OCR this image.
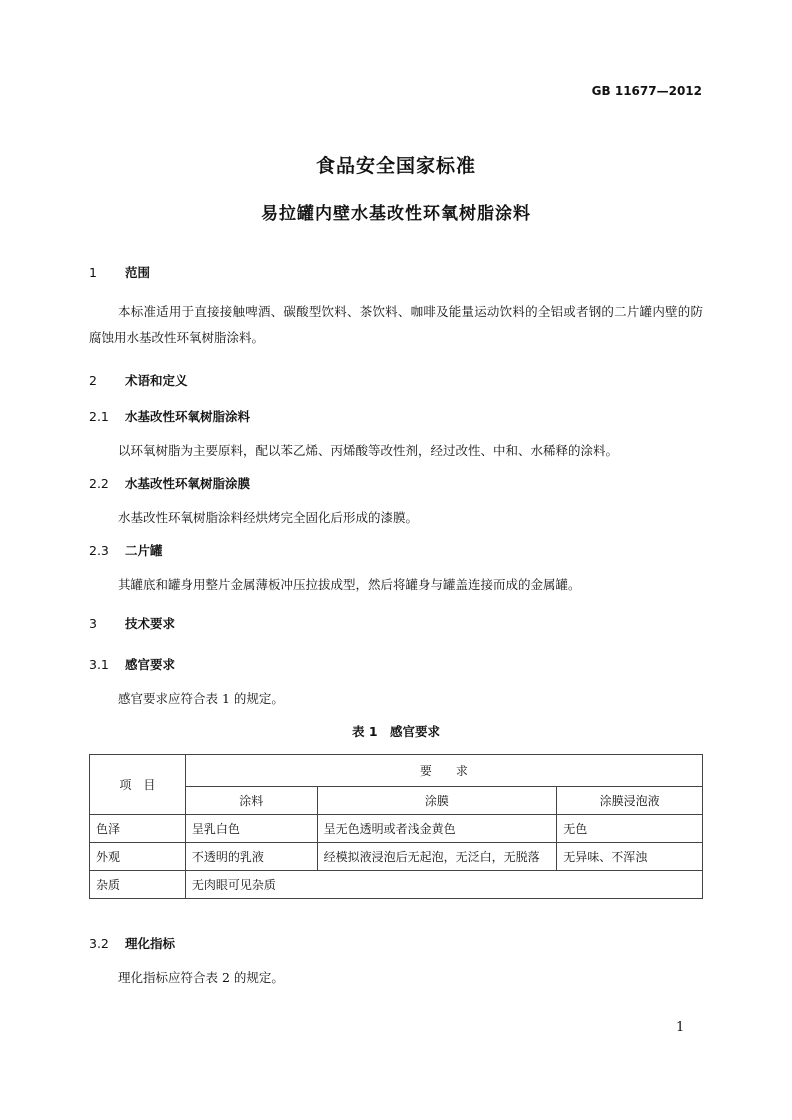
GB 11677—2012
食品安全国家标准
易拉罐内壁水基改性环氧树脂涂料
1 范围
本标准适用于直接接触啤酒、碳酸型饮料、茶饮料、咖啡及能量运动饮料的全铝或者钢的二片罐内壁的防腐蚀用水基改性环氧树脂涂料。
2 术语和定义
2.1 水基改性环氧树脂涂料
以环氧树脂为主要原料，配以苯乙烯、丙烯酸等改性剂，经过改性、中和、水稀释的涂料。
2.2 水基改性环氧树脂涂膜
水基改性环氧树脂涂料经烘烤完全固化后形成的漆膜。
2.3 二片罐
其罐底和罐身用整片金属薄板冲压拉拔成型，然后将罐身与罐盖连接而成的金属罐。
3 技术要求
3.1 感官要求
感官要求应符合表 1 的规定。
表 1　感官要求
项　目	要　　求		
	涂料	涂膜	涂膜浸泡液
色泽	呈乳白色	呈无色透明或者浅金黄色	无色
外观	不透明的乳液	经模拟液浸泡后无起泡，无泛白，无脱落	无异味、不浑浊
杂质	无肉眼可见杂质		
3.2 理化指标
理化指标应符合表 2 的规定。
1
